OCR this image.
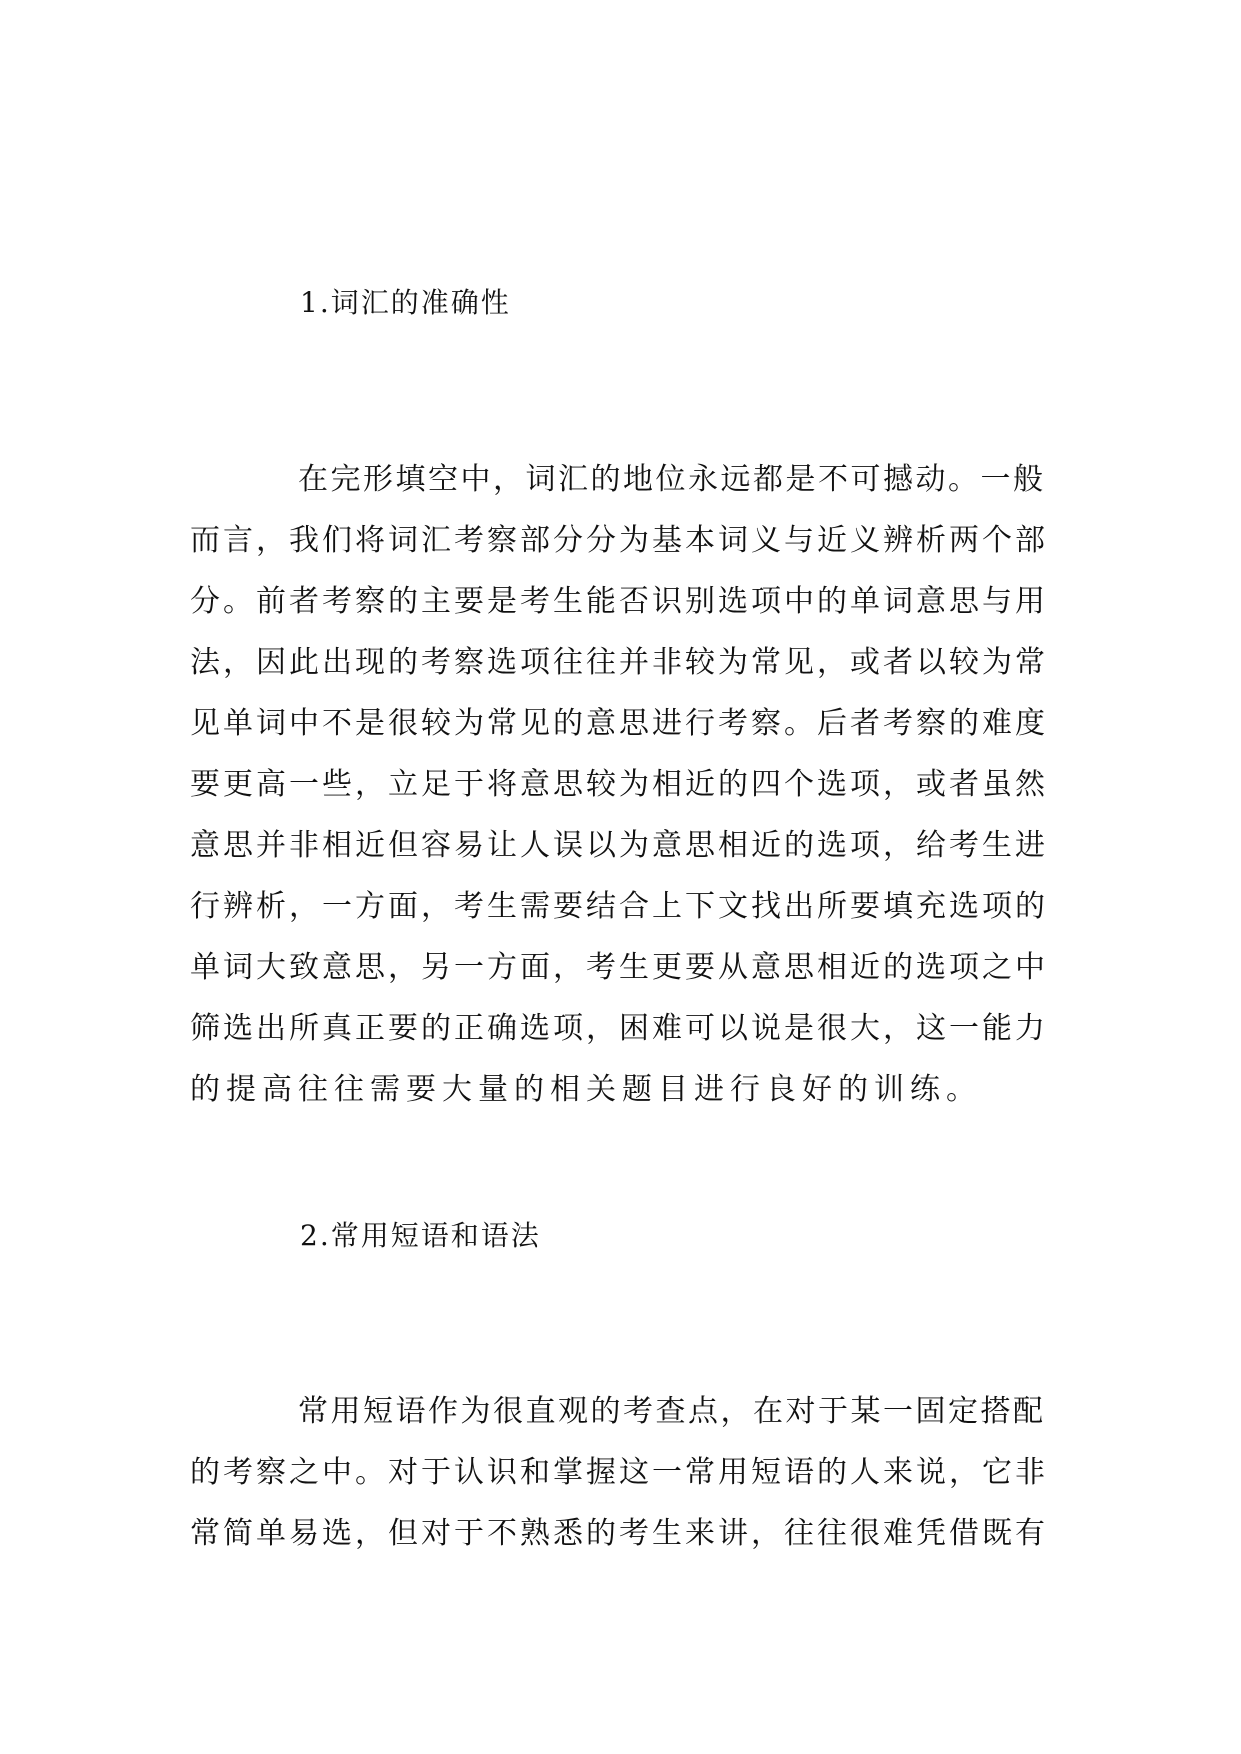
1.词汇的准确性
在完形填空中，词汇的地位永远都是不可撼动。一般
而言，我们将词汇考察部分分为基本词义与近义辨析两个部
分。前者考察的主要是考生能否识别选项中的单词意思与用
法，因此出现的考察选项往往并非较为常见，或者以较为常
见单词中不是很较为常见的意思进行考察。后者考察的难度
要更高一些，立足于将意思较为相近的四个选项，或者虽然
意思并非相近但容易让人误以为意思相近的选项，给考生进
行辨析，一方面，考生需要结合上下文找出所要填充选项的
单词大致意思，另一方面，考生更要从意思相近的选项之中
筛选出所真正要的正确选项，困难可以说是很大，这一能力
的提高往往需要大量的相关题目进行良好的训练。
2.常用短语和语法
常用短语作为很直观的考查点，在对于某一固定搭配
的考察之中。对于认识和掌握这一常用短语的人来说，它非
常简单易选，但对于不熟悉的考生来讲，往往很难凭借既有
